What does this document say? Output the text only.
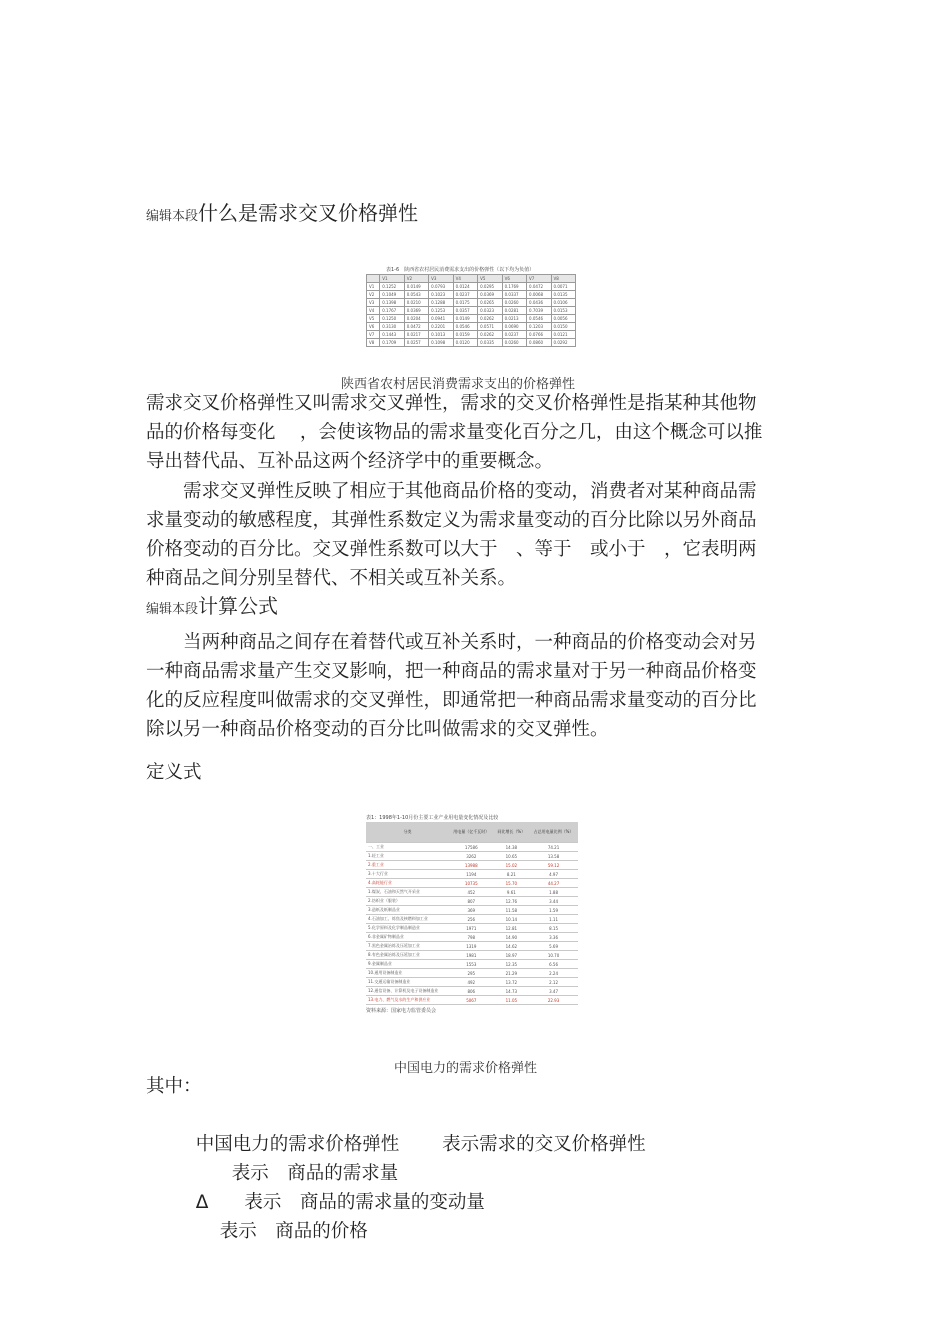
编辑本段什么是需求交叉价格弹性
表1-6　陕西省农村居民消费需求支出的价格弹性（以下均为负值）
	V1	V2	V3	V4	V5	V6	V7	V8
V1	0.1252	0.0149	0.0793	0.0124	0.0295	0.1769	0.0472	0.0071
V2	0.1049	0.0543	0.1023	0.0237	0.0369	0.0337	0.0068	0.0135
V3	0.1398	0.0210	0.1288	0.0175	0.0265	0.0260	0.0436	0.0106
V4	0.1767	0.0369	0.1253	0.0357	0.0323	0.0281	0.7039	0.0153
V5	0.1250	0.0204	0.0941	0.0149	0.0262	0.0213	0.0546	0.0056
V6	0.3130	0.0472	0.2201	0.0546	0.0571	0.0690	0.1203	0.0150
V7	0.1443	0.0217	0.1013	0.0159	0.0262	0.0237	0.0766	0.0121
V8	0.1709	0.0257	0.1098	0.0120	0.0335	0.0260	0.0860	0.0292
陕西省农村居民消费需求支出的价格弹性
需求交叉价格弹性又叫需求交叉弹性，需求的交叉价格弹性是指某种其他物
品的价格每变化　 ，会使该物品的需求量变化百分之几，由这个概念可以推
导出替代品、互补品这两个经济学中的重要概念。
　　需求交叉弹性反映了相应于其他商品价格的变动，消费者对某种商品需
求量变动的敏感程度，其弹性系数定义为需求量变动的百分比除以另外商品
价格变动的百分比。交叉弹性系数可以大于　、等于　或小于　，它表明两
种商品之间分别呈替代、不相关或互补关系。
编辑本段计算公式
　　当两种商品之间存在着替代或互补关系时，一种商品的价格变动会对另
一种商品需求量产生交叉影响，把一种商品的需求量对于另一种商品价格变
化的反应程度叫做需求的交叉弹性，即通常把一种商品需求量变动的百分比
除以另一种商品价格变动的百分比叫做需求的交叉弹性。
定义式
表1：1998年1-10月份主要工业产业用电量变化情况及比较
分类	用电量（亿千瓦时）	同比增长（%）	占总用电量比例（%）
一、工业	17586	14.38	74.21
1.轻工业	3262	10.65	13.58
2.重工业	13988	15.02	59.12
3.十大行业	1194	8.21	4.97
4.高耗能行业	10735	15.70	44.27
1.煤炭、石油和天然气开采业	452	9.61	1.88
2.纺织业（服装）	807	12.76	3.44
3.造纸及纸制品业	369	11.58	1.59
4.石油加工、炼焦及核燃料加工业	256	10.14	1.11
5.化学原料及化学制品制造业	1971	12.81	8.15
6.非金属矿物制品业	798	14.90	3.36
7.黑色金属冶炼及压延加工业	1319	14.62	5.69
8.有色金属冶炼及压延加工业	1981	18.97	10.70
9.金属制品业	1553	12.35	6.56
10.通用设备制造业	295	21.29	2.24
11.交通运输设备制造业	492	13.72	2.12
12.通信设备、计算机及电子设备制造业	806	14.73	3.47
13.电力、燃气及水的生产和供应业	5067	11.05	22.93
资料来源：国家电力监管委员会
中国电力的需求价格弹性
其中：

中国电力的需求价格弹性　　 表示需求的交叉价格弹性

表示　商品的需求量

Δ 表示　商品的需求量的变动量

表示　商品的价格
